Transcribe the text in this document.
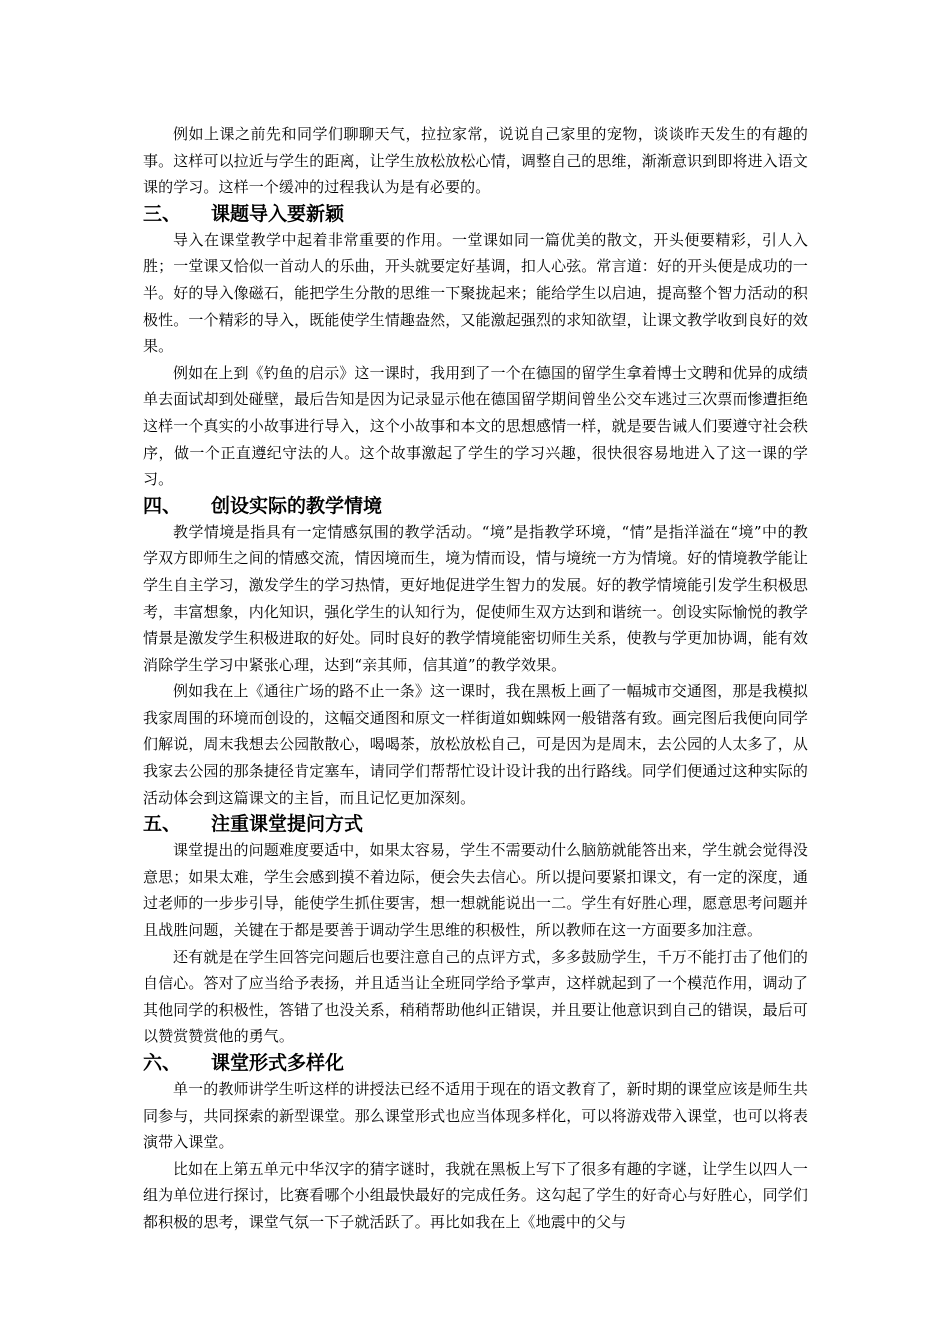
例如上课之前先和同学们聊聊天气，拉拉家常，说说自己家里的宠物，谈谈昨天发生的有趣的事。这样可以拉近与学生的距离，让学生放松放松心情，调整自己的思维，渐渐意识到即将进入语文课的学习。这样一个缓冲的过程我认为是有必要的。

三、 课题导入要新颖

导入在课堂教学中起着非常重要的作用。一堂课如同一篇优美的散文，开头便要精彩，引人入胜；一堂课又恰似一首动人的乐曲，开头就要定好基调，扣人心弦。常言道：好的开头便是成功的一半。好的导入像磁石，能把学生分散的思维一下聚拢起来；能给学生以启迪，提高整个智力活动的积极性。一个精彩的导入，既能使学生情趣盎然，又能激起强烈的求知欲望，让课文教学收到良好的效果。

例如在上到《钓鱼的启示》这一课时，我用到了一个在德国的留学生拿着博士文聘和优异的成绩单去面试却到处碰壁，最后告知是因为记录显示他在德国留学期间曾坐公交车逃过三次票而惨遭拒绝这样一个真实的小故事进行导入，这个小故事和本文的思想感情一样，就是要告诫人们要遵守社会秩序，做一个正直遵纪守法的人。这个故事激起了学生的学习兴趣，很快很容易地进入了这一课的学习。

四、 创设实际的教学情境

教学情境是指具有一定情感氛围的教学活动。“境”是指教学环境，“情”是指洋溢在“境”中的教学双方即师生之间的情感交流，情因境而生，境为情而设，情与境统一方为情境。好的情境教学能让学生自主学习，激发学生的学习热情，更好地促进学生智力的发展。好的教学情境能引发学生积极思考，丰富想象，内化知识，强化学生的认知行为，促使师生双方达到和谐统一。创设实际愉悦的教学情景是激发学生积极进取的好处。同时良好的教学情境能密切师生关系，使教与学更加协调，能有效消除学生学习中紧张心理，达到“亲其师，信其道”的教学效果。

例如我在上《通往广场的路不止一条》这一课时，我在黑板上画了一幅城市交通图，那是我模拟我家周围的环境而创设的，这幅交通图和原文一样街道如蜘蛛网一般错落有致。画完图后我便向同学们解说，周末我想去公园散散心，喝喝茶，放松放松自己，可是因为是周末，去公园的人太多了，从我家去公园的那条捷径肯定塞车，请同学们帮帮忙设计设计我的出行路线。同学们便通过这种实际的活动体会到这篇课文的主旨，而且记忆更加深刻。

五、 注重课堂提问方式

课堂提出的问题难度要适中，如果太容易，学生不需要动什么脑筋就能答出来，学生就会觉得没意思；如果太难，学生会感到摸不着边际，便会失去信心。所以提问要紧扣课文，有一定的深度，通过老师的一步步引导，能使学生抓住要害，想一想就能说出一二。学生有好胜心理，愿意思考问题并且战胜问题，关键在于都是要善于调动学生思维的积极性，所以教师在这一方面要多加注意。

还有就是在学生回答完问题后也要注意自己的点评方式，多多鼓励学生，千万不能打击了他们的自信心。答对了应当给予表扬，并且适当让全班同学给予掌声，这样就起到了一个模范作用，调动了其他同学的积极性，答错了也没关系，稍稍帮助他纠正错误，并且要让他意识到自己的错误，最后可以赞赏赞赏他的勇气。

六、 课堂形式多样化

单一的教师讲学生听这样的讲授法已经不适用于现在的语文教育了，新时期的课堂应该是师生共同参与，共同探索的新型课堂。那么课堂形式也应当体现多样化，可以将游戏带入课堂，也可以将表演带入课堂。

比如在上第五单元中华汉字的猜字谜时，我就在黑板上写下了很多有趣的字谜，让学生以四人一组为单位进行探讨，比赛看哪个小组最快最好的完成任务。这勾起了学生的好奇心与好胜心，同学们都积极的思考，课堂气氛一下子就活跃了。再比如我在上《地震中的父与
